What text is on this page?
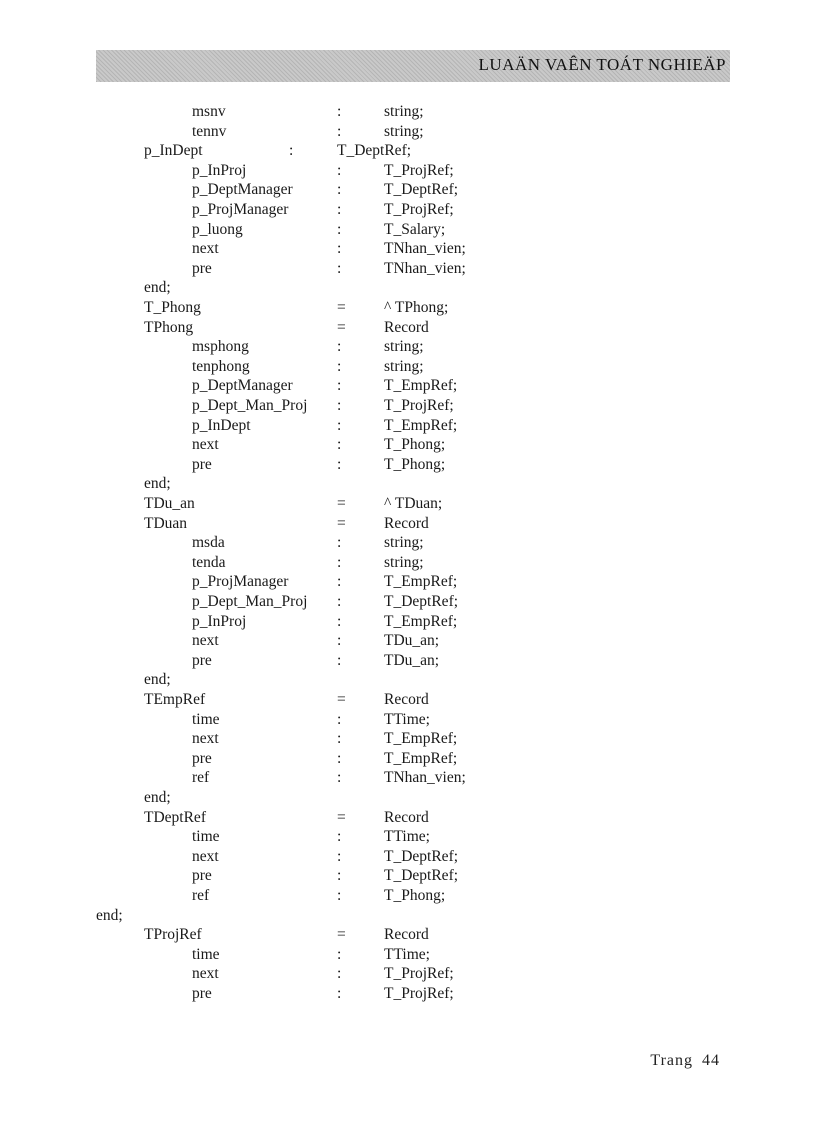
LUAÄN VAÊN TOÁT NGHIEÄP
msnv	:	string;
tennv	:	string;
p_InDept	:	T_DeptRef;
p_InProj	:	T_ProjRef;
p_DeptManager	:	T_DeptRef;
p_ProjManager	:	T_ProjRef;
p_luong	:	T_Salary;
next	:	TNhan_vien;
pre	:	TNhan_vien;
end;
T_Phong	= ^ TPhong;
TPhong	= Record
msphong	:	string;
tenphong	:	string;
p_DeptManager	:	T_EmpRef;
p_Dept_Man_Proj :	T_ProjRef;
p_InDept	:	T_EmpRef;
next	:	T_Phong;
pre	:	T_Phong;
end;
TDu_an	= ^ TDuan;
TDuan	= Record
msda	:	string;
tenda	:	string;
p_ProjManager	:	T_EmpRef;
p_Dept_Man_Proj :	T_DeptRef;
p_InProj	:	T_EmpRef;
next	:	TDu_an;
pre	:	TDu_an;
end;
TEmpRef	= Record
time	:	TTime;
next	:	T_EmpRef;
pre	:	T_EmpRef;
ref	:	TNhan_vien;
end;
TDeptRef	= Record
time	:	TTime;
next	:	T_DeptRef;
pre	:	T_DeptRef;
ref	:	T_Phong;
end;
TProjRef	= Record
time	:	TTime;
next	:	T_ProjRef;
pre	:	T_ProjRef;
Trang 44
